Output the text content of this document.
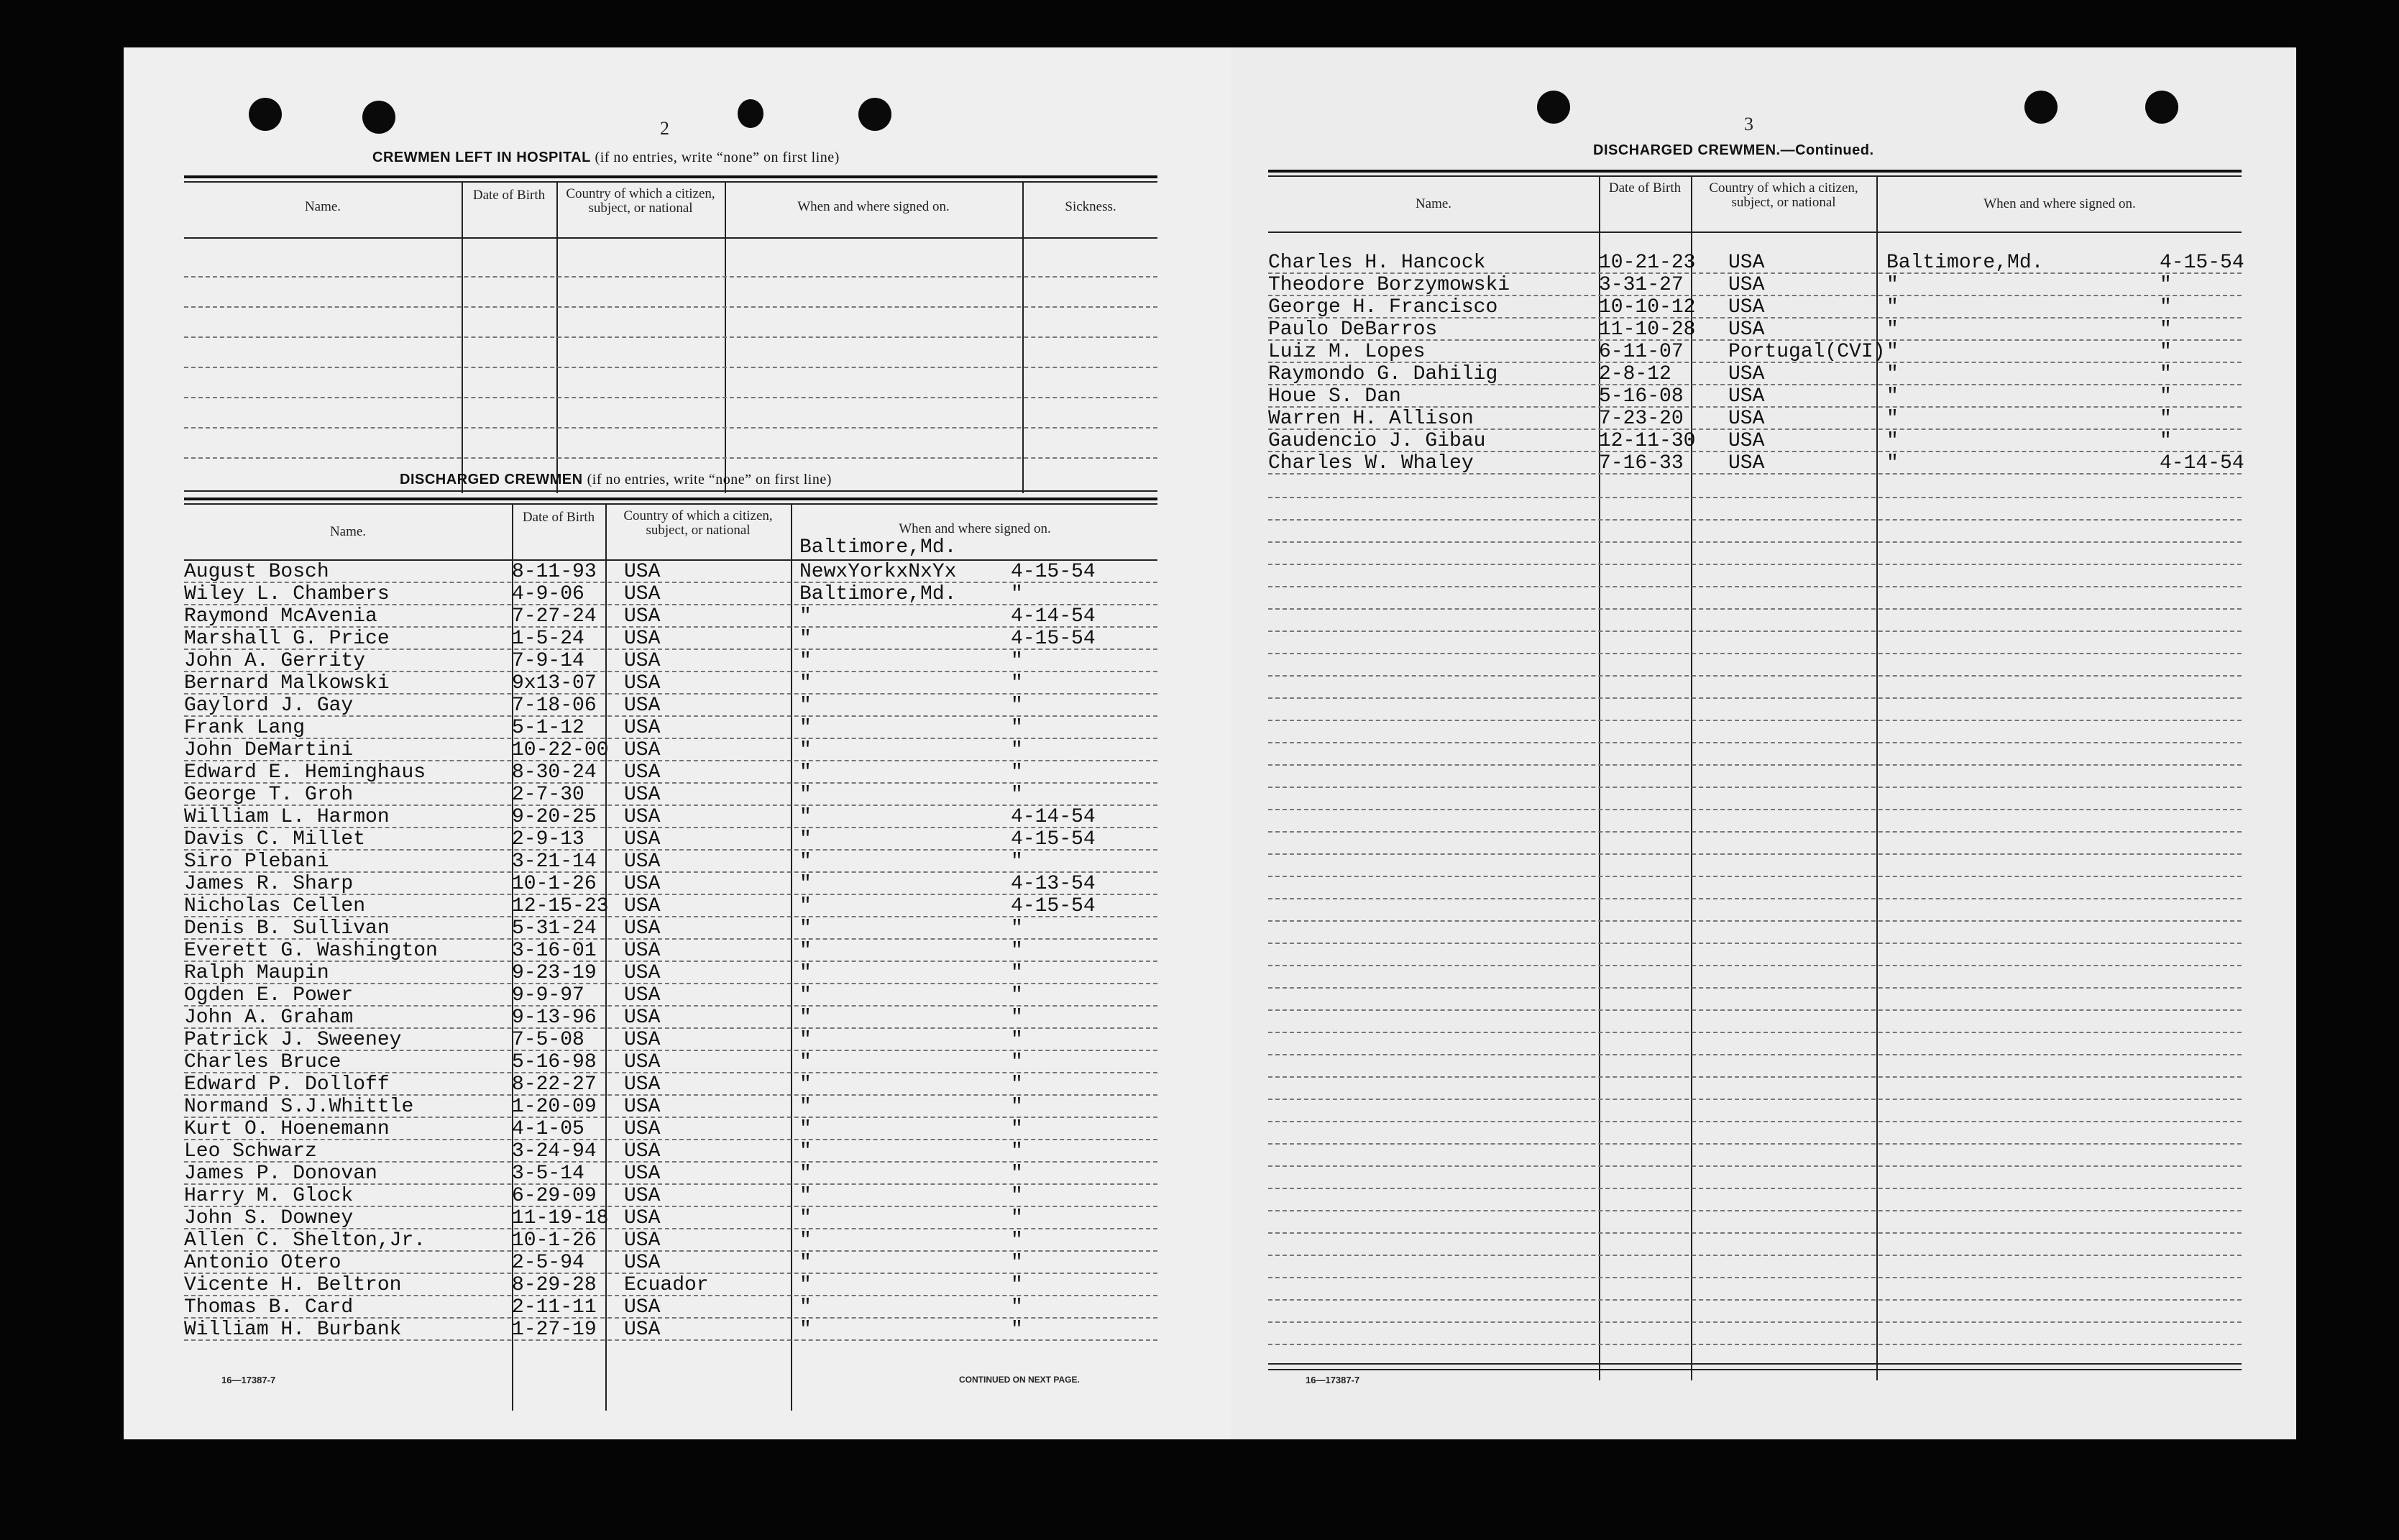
2
CREWMEN LEFT IN HOSPITAL (if no entries, write “none” on first line)
Name.
Date of Birth	Country of which a citizen, subject, or national	When and where signed on.	Sickness.
DISCHARGED CREWMEN (if no entries, write “none” on first line)
Name.
Date of Birth	Country of which a citizen, subject, or national	When and where signed on.
Baltimore,Md.
August Bosch	8-11-93 USA	NewxYorkxNxYx	4-15-54
Wiley L. Chambers	4-9-06 USA	Baltimore,Md.	"
Raymond McAvenia	7-27-24 USA	"	4-14-54
Marshall G. Price	1-5-24 USA	"	4-15-54
John A. Gerrity	7-9-14 USA	"	"
Bernard Malkowski	9x13-07 USA	"	"
Gaylord J. Gay	7-18-06 USA	"	"
Frank Lang	5-1-12 USA	"	"
John DeMartini	10-22-00 USA	"	"
Edward E. Heminghaus	8-30-24 USA	"	"
George T. Groh	2-7-30 USA	"	"
William L. Harmon	9-20-25 USA	"	4-14-54
Davis C. Millet	2-9-13 USA	"	4-15-54
Siro Plebani	3-21-14 USA	"	"
James R. Sharp	10-1-26 USA	"	4-13-54
Nicholas Cellen	12-15-23 USA	"	4-15-54
Denis B. Sullivan	5-31-24 USA	"	"
Everett G. Washington	3-16-01 USA	"	"
Ralph Maupin	9-23-19 USA	"	"
Ogden E. Power	9-9-97 USA	"	"
John A. Graham	9-13-96 USA	"	"
Patrick J. Sweeney	7-5-08 USA	"	"
Charles Bruce	5-16-98 USA	"	"
Edward P. Dolloff	8-22-27 USA	"	"
Normand S.J.Whittle	1-20-09 USA	"	"
Kurt O. Hoenemann	4-1-05 USA	"	"
Leo Schwarz	3-24-94 USA	"	"
James P. Donovan	3-5-14 USA	"	"
Harry M. Glock	6-29-09 USA	"	"
John S. Downey	11-19-18 USA	"	"
Allen C. Shelton,Jr.	10-1-26 USA	"	"
Antonio Otero	2-5-94 USA	"	"
Vicente H. Beltron	8-29-28 Ecuador	"	"
Thomas B. Card	2-11-11 USA	"	"
William H. Burbank	1-27-19 USA	"	"
16—17387-7	CONTINUED ON NEXT PAGE.
3
DISCHARGED CREWMEN.—Continued.
Name.
Date of Birth	Country of which a citizen, subject, or national	When and where signed on.
Charles H. Hancock	10-21-23 USA	Baltimore,Md.	4-15-54
Theodore Borzymowski	3-31-27 USA	"	"
George H. Francisco	10-10-12 USA	"	"
Paulo DeBarros	11-10-28 USA	"	"
Luiz M. Lopes	6-11-07 Portugal(CVI) "	"
Raymondo G. Dahilig	2-8-12	USA	"	"
Houe S. Dan	5-16-08 USA	"	"
Warren H. Allison	7-23-20 USA	"	"
Gaudencio J. Gibau	12-11-30 USA	"	"
Charles W. Whaley	7-16-33 USA	"	4-14-54
16—17387-7
